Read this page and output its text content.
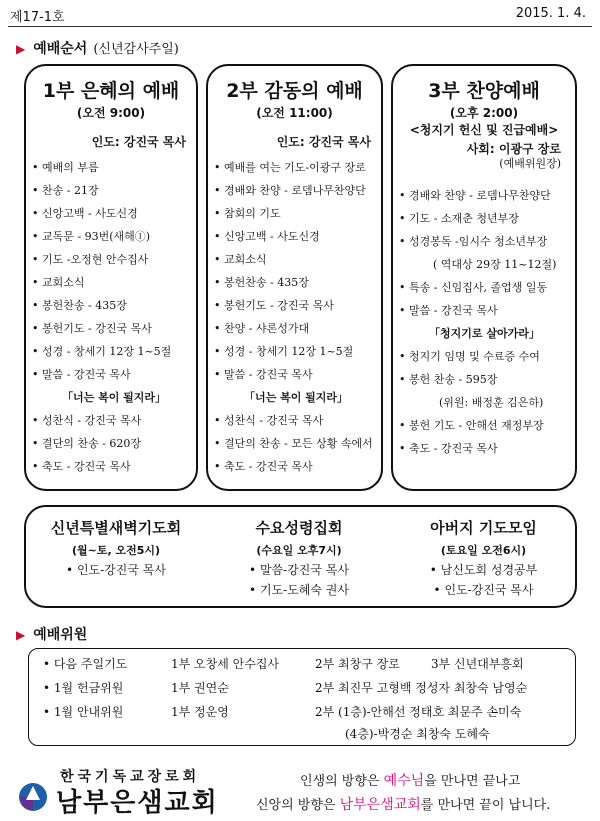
제17-1호	2015. 1. 4.
▶ 예배순서 (신년감사주일)
1부 은혜의 예배
(오전 9:00)
인도: 강진국 목사
• 예배의 부름
• 찬송 - 21장
• 신앙고백 - 사도신경
• 교독문 - 93번(새해①)
• 기도 -오정현 안수집사
• 교회소식
• 봉헌찬송 - 435장
• 봉헌기도 - 강진국 목사
• 성경 - 창세기 12장 1~5절
• 말씀 - 강진국 목사
「너는 복이 될지라」
• 성찬식 - 강진국 목사
• 결단의 찬송 - 620장
• 축도 - 강진국 목사
2부 감동의 예배
(오전 11:00)
인도: 강진국 목사
• 예배를 여는 기도-이광구 장로
• 경배와 찬양 - 로뎀나무찬양단
• 참회의 기도
• 신앙고백 - 사도신경
• 교회소식
• 봉헌찬송 - 435장
• 봉헌기도 - 강진국 목사
• 찬양 - 샤론성가대
• 성경 - 창세기 12장 1~5절
• 말씀 - 강진국 목사
「너는 복이 될지라」
• 성찬식 - 강진국 목사
• 결단의 찬송 - 모든 상황 속에서
• 축도 - 강진국 목사
3부 찬양예배
(오후 2:00)
<청지기 헌신 및 진급예배>
사회: 이광구 장로
(예배위원장)
• 경배와 찬양 - 로뎀나무찬양단
• 기도 - 소재춘 청년부장
• 성경봉독 -임시수 청소년부장
( 역대상 29장 11~12절)
• 특송 - 신임집사, 졸업생 일동
• 말씀 - 강진국 목사
「청지기로 살아가라」
• 청지기 임명 및 수료증 수여
• 봉헌 찬송 - 595장
(위원: 배정훈 김은하)
• 봉헌 기도 - 안해선 재정부장
• 축도 - 강진국 목사
신년특별새벽기도회
(월~토, 오전5시)
• 인도-강진국 목사
수요성령집회
(수요일 오후7시)
• 말씀-강진국 목사
• 기도-도혜숙 권사
아버지 기도모임
(토요일 오전6시)
• 남신도회 성경공부
• 인도-강진국 목사
▶ 예배위원
• 다음 주일기도	1부 오창세 안수집사	2부 최창구 장로	3부 신년대부흥회
• 1월 헌금위원	1부 권연순	2부 최진무 고형백 정성자 최창숙 남영순
• 1월 안내위원	1부 정운영	2부 (1층)-안해선 정태호 최문주 손미숙
(4층)-박경순 최창숙 도혜숙
한국기독교장로회
남부은샘교회
인생의 방향은 예수님을 만나면 끝나고
신앙의 방향은 남부은샘교회를 만나면 끝이 납니다.
